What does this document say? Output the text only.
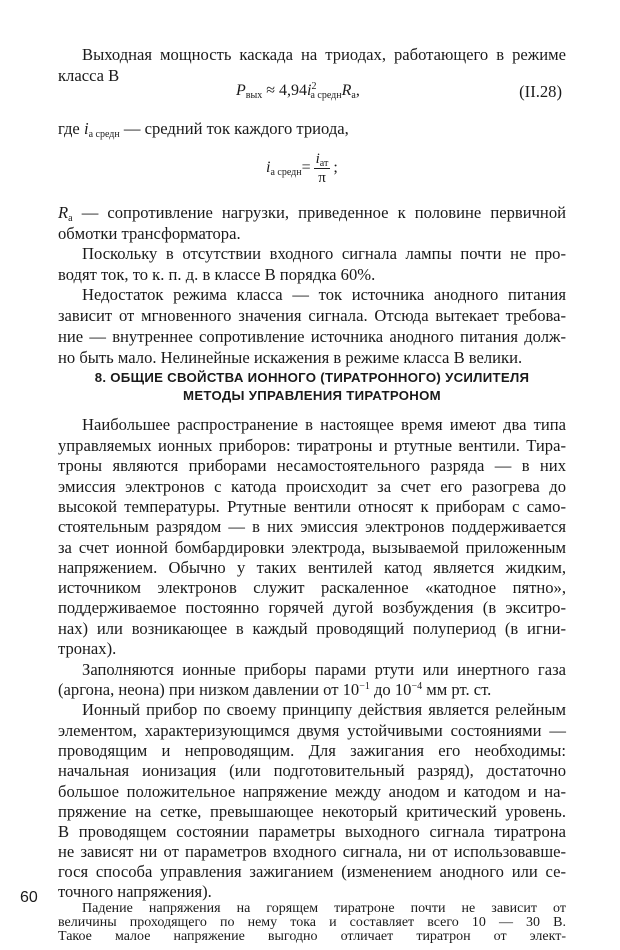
Выходная мощность каскада на триодах, работающего в режиме
класса В
$P_{вых} \approx 4,94i^2_{а средн}R_а$,	(II.28)
где $i_{а средн}$ — средний ток каждого триода,
$i_{а средн}= \frac{i_{ат}}{\pi}$ ;
$R_а$ — сопротивление нагрузки, приведенное к половине первичной
обмотки трансформатора.
Поскольку в отсутствии входного сигнала лампы почти не про-
водят ток, то к. п. д. в классе В порядка 60%.
Недостаток режима класса — ток источника анодного питания
зависит от мгновенного значения сигнала. Отсюда вытекает требова-
ние — внутреннее сопротивление источника анодного питания долж-
но быть мало. Нелинейные искажения в режиме класса В велики.
8. ОБЩИЕ СВОЙСТВА ИОННОГО (ТИРАТРОННОГО) УСИЛИТЕЛЯ
МЕТОДЫ УПРАВЛЕНИЯ ТИРАТРОНОМ
Наибольшее распространение в настоящее время имеют два типа
управляемых ионных приборов: тиратроны и ртутные вентили. Тира-
троны являются приборами несамостоятельного разряда — в них
эмиссия электронов с катода происходит за счет его разогрева до
высокой температуры. Ртутные вентили относят к приборам с само-
стоятельным разрядом — в них эмиссия электронов поддерживается
за счет ионной бомбардировки электрода, вызываемой приложенным
напряжением. Обычно у таких вентилей катод является жидким,
источником электронов служит раскаленное «катодное пятно»,
поддерживаемое постоянно горячей дугой возбуждения (в экситро-
нах) или возникающее в каждый проводящий полупериод (в игни-
тронах).
Заполняются ионные приборы парами ртути или инертного газа
(аргона, неона) при низком давлении от $10^{-1}$ до $10^{-4}$ мм рт. ст.
Ионный прибор по своему принципу действия является релейным
элементом, характеризующимся двумя устойчивыми состояниями —
проводящим и непроводящим. Для зажигания его необходимы:
начальная ионизация (или подготовительный разряд), достаточно
большое положительное напряжение между анодом и катодом и на-
пряжение на сетке, превышающее некоторый критический уровень.
В проводящем состоянии параметры выходного сигнала тиратрона
не зависят ни от параметров входного сигнала, ни от использовавше-
гося способа управления зажиганием (изменением анодного или се-
точного напряжения).
Падение напряжения на горящем тиратроне почти не зависит от
величины проходящего по нему тока и составляет всего 10 — 30 В.
Такое малое напряжение выгодно отличает тиратрон от элект-
60
